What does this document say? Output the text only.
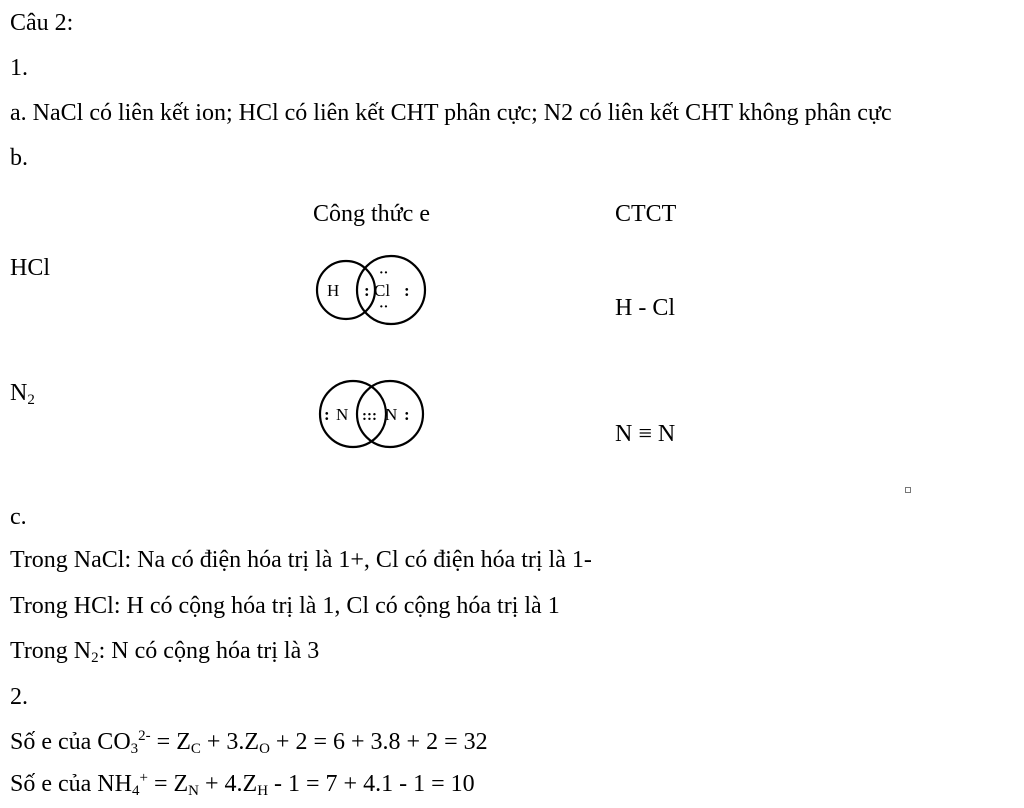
Câu 2:
1.
a. NaCl có liên kết ion; HCl có liên kết CHT phân cực; N2 có liên kết CHT không phân cực
b.
Công thức e	CTCT
HCl
H : Cl
··
··
:
H - Cl
$N_2$
: N ::: N :
N ≡ N
c.
Trong NaCl: Na có điện hóa trị là 1+, Cl có điện hóa trị là 1-
Trong HCl: H có cộng hóa trị là 1, Cl có cộng hóa trị là 1
Trong $N_2$: N có cộng hóa trị là 3
2.
Số e của $CO_3^{2-} = Z_C + 3.Z_O + 2 = 6 + 3.8 + 2 = 32$
Số e của $NH_4^+ = Z_N + 4.Z_H - 1 = 7 + 4.1 - 1 = 10$
